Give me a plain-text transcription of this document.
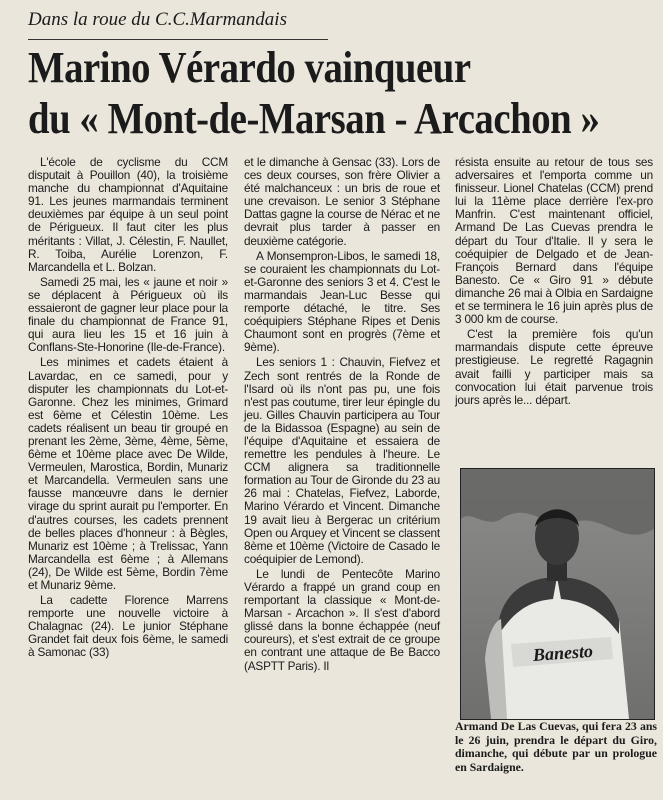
Dans la roue du C.C.Marmandais
Marino Vérardo vainqueur
du « Mont-de-Marsan - Arcachon »

L'école de cyclisme du CCM disputait à Pouillon (40), la troisième manche du championnat d'Aquitaine 91. Les jeunes marmandais terminent deuxièmes par équipe à un seul point de Périgueux. Il faut citer les plus méritants : Villat, J. Célestin, F. Naullet, R. Toiba, Aurélie Lorenzon, F. Marcandella et L. Bolzan.

Samedi 25 mai, les « jaune et noir » se déplacent à Périgueux où ils essaieront de gagner leur place pour la finale du championnat de France 91, qui aura lieu les 15 et 16 juin à Conflans-Ste-Honorine (Ile-de-France).

Les minimes et cadets étaient à Lavardac, en ce samedi, pour y disputer les championnats du Lot-et-Garonne. Chez les minimes, Grimard est 6ème et Célestin 10ème. Les cadets réalisent un beau tir groupé en prenant les 2ème, 3ème, 4ème, 5ème, 6ème et 10ème place avec De Wilde, Vermeulen, Marostica, Bordin, Munariz et Marcandella. Vermeulen sans une fausse manœuvre dans le dernier virage du sprint aurait pu l'emporter. En d'autres courses, les cadets prennent de belles places d'honneur : à Bègles, Munariz est 10ème ; à Trelissac, Yann Marcandella est 6ème ; à Allemans (24), De Wilde est 5ème, Bordin 7ème et Munariz 9ème.

La cadette Florence Marrens remporte une nouvelle victoire à Chalagnac (24). Le junior Stéphane Grandet fait deux fois 6ème, le samedi à Samonac (33)

et le dimanche à Gensac (33). Lors de ces deux courses, son frère Olivier a été malchanceux : un bris de roue et une crevaison. Le senior 3 Stéphane Dattas gagne la course de Nérac et ne devrait plus tarder à passer en deuxième catégorie.

A Monsempron-Libos, le samedi 18, se couraient les championnats du Lot-et-Garonne des seniors 3 et 4. C'est le marmandais Jean-Luc Besse qui remporte détaché, le titre. Ses coéquipiers Stéphane Ripes et Denis Chaumont sont en progrès (7ème et 9ème).

Les seniors 1 : Chauvin, Fiefvez et Zech sont rentrés de la Ronde de l'Isard où ils n'ont pas pu, une fois n'est pas coutume, tirer leur épingle du jeu. Gilles Chauvin participera au Tour de la Bidassoa (Espagne) au sein de l'équipe d'Aquitaine et essaiera de remettre les pendules à l'heure. Le CCM alignera sa traditionnelle formation au Tour de Gironde du 23 au 26 mai : Chatelas, Fiefvez, Laborde, Marino Vérardo et Vincent. Dimanche 19 avait lieu à Bergerac un critérium Open ou Arquey et Vincent se classent 8ème et 10ème (Victoire de Casado le coéquipier de Lemond).

Le lundi de Pentecôte Marino Vérardo a frappé un grand coup en remportant la classique « Mont-de-Marsan - Arcachon ». Il s'est d'abord glissé dans la bonne échappée (neuf coureurs), et s'est extrait de ce groupe en contrant une attaque de Be Bacco (ASPTT Paris). Il

résista ensuite au retour de tous ses adversaires et l'emporta comme un finisseur. Lionel Chatelas (CCM) prend lui la 11ème place derrière l'ex-pro Manfrin. C'est maintenant officiel, Armand De Las Cuevas prendra le départ du Tour d'Italie. Il y sera le coéquipier de Delgado et de Jean-François Bernard dans l'équipe Banesto. Ce « Giro 91 » débute dimanche 26 mai à Olbia en Sardaigne et se terminera le 16 juin après plus de 3 000 km de course.

C'est la première fois qu'un marmandais dispute cette épreuve prestigieuse. Le regretté Ragagnin avait failli y participer mais sa convocation lui était parvenue trois jours après le... départ.

Banesto
Armand De Las Cuevas, qui fera 23 ans le 26 juin, prendra le départ du Giro, dimanche, qui débute par un prologue en Sardaigne.
